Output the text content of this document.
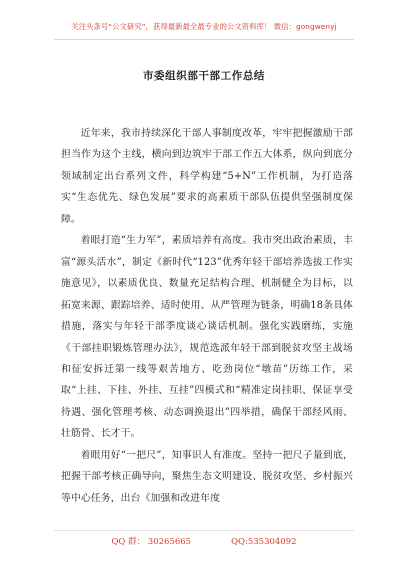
关注头条号“公文研究”，获得最新最全最专业的公文资料库！ 微信：gongwenyj
市委组织部干部工作总结

近年来，我市持续深化干部人事制度改革，牢牢把握激励干部担当作为这个主线，横向到边筑牢干部工作五大体系，纵向到底分领域制定出台系列文件，科学构建“5+N”工作机制，为打造落实“生态优先、绿色发展”要求的高素质干部队伍提供坚强制度保障。

着眼打造“生力军”，素质培养有高度。我市突出政治素质，丰富“源头活水”，制定《新时代“123”优秀年轻干部培养选拔工作实施意见》，以素质优良、数量充足结构合理、机制健全为目标，以拓宽来源、跟踪培养、适时使用、从严管理为链条，明确18条具体措施，落实与年轻干部季度谈心谈话机制。强化实践磨练，实施《干部挂职锻炼管理办法》，规范选派年轻干部到脱贫攻坚主战场和征安拆迁第一线等艰苦地方、吃劲岗位“墩苗”历练工作，采取“上挂、下挂、外挂、互挂”四模式和“精准定岗挂职、保证享受待遇、强化管理考核、动态调换退出”四举措，确保干部经风雨、壮筋骨、长才干。

着眼用好“一把尺”，知事识人有准度。坚持一把尺子量到底，把握干部考核正确导向，聚焦生态文明建设、脱贫攻坚、乡村振兴等中心任务，出台《加强和改进年度

QQ 群： 30265665	QQ:535304092
